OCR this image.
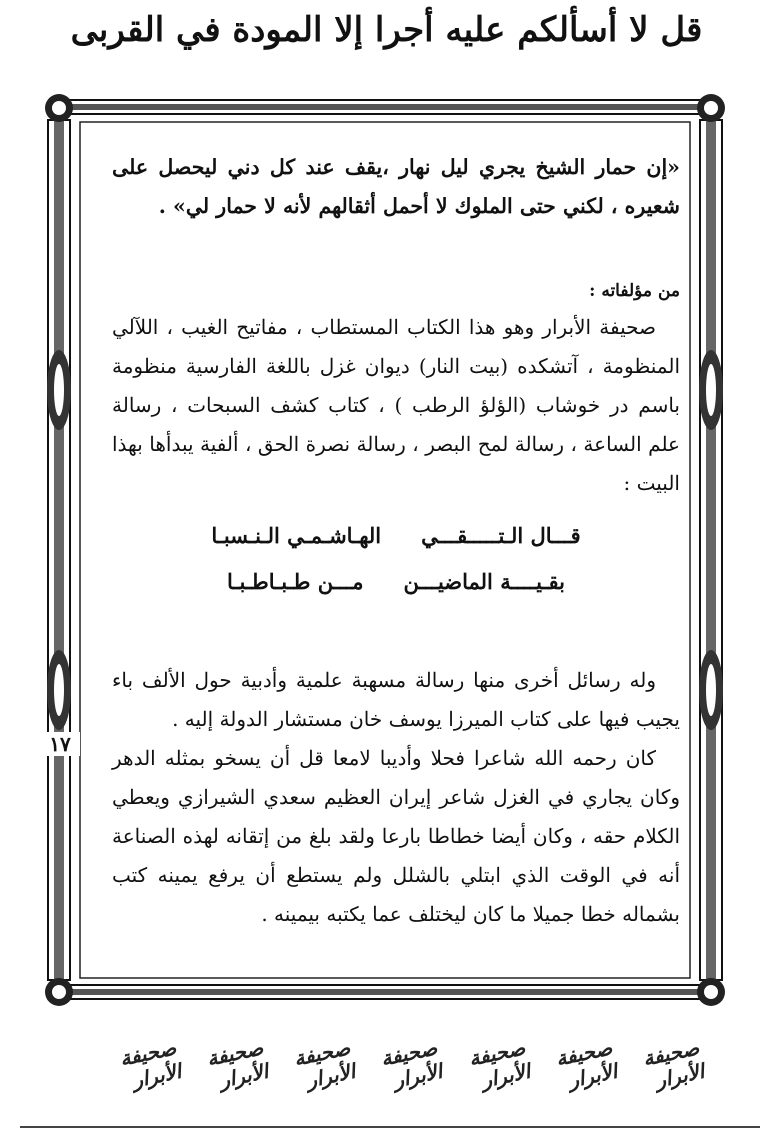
قل لا أسألكم عليه أجرا إلا المودة في القربى
١٧

«إن حمار الشيخ يجري ليل نهار ،يقف عند كل دني ليحصل على شعيره ، لكني حتى الملوك لا أحمل أثقالهم لأنه لا حمار لي» .

من مؤلفاته :

صحيفة الأبرار وهو هذا الكتاب المستطاب ، مفاتيح الغيب ، اللآلي المنظومة ، آتشكده (بيت النار) ديوان غزل باللغة الفارسية منظومة باسم در خوشاب (الؤلؤ الرطب ) ، كتاب كشف السبحات ، رسالة علم الساعة ، رسالة لمح البصر ، رسالة نصرة الحق ، ألفية يبدأها بهذا البيت :

قـــال الـتـــــقـــي
الهـاشـمـي الـنـسبـا
بقـيــــة الماضيـــن
مـــن طـبـاطـبـا

وله رسائل أخرى منها رسالة مسهبة علمية وأدبية حول الألف باء يجيب فيها على كتاب الميرزا يوسف خان مستشار الدولة إليه .

كان رحمه الله شاعرا فحلا وأديبا لامعا قل أن يسخو بمثله الدهر وكان يجاري في الغزل شاعر إيران العظيم سعدي الشيرازي ويعطي الكلام حقه ، وكان أيضا خطاطا بارعا ولقد بلغ من إتقانه لهذه الصناعة أنه في الوقت الذي ابتلي بالشلل ولم يستطع أن يرفع يمينه كتب بشماله خطا جميلا ما كان ليختلف عما يكتبه بيمينه .

صحيفة الأبرار
صحيفة الأبرار
صحيفة الأبرار
صحيفة الأبرار
صحيفة الأبرار
صحيفة الأبرار
صحيفة الأبرار
